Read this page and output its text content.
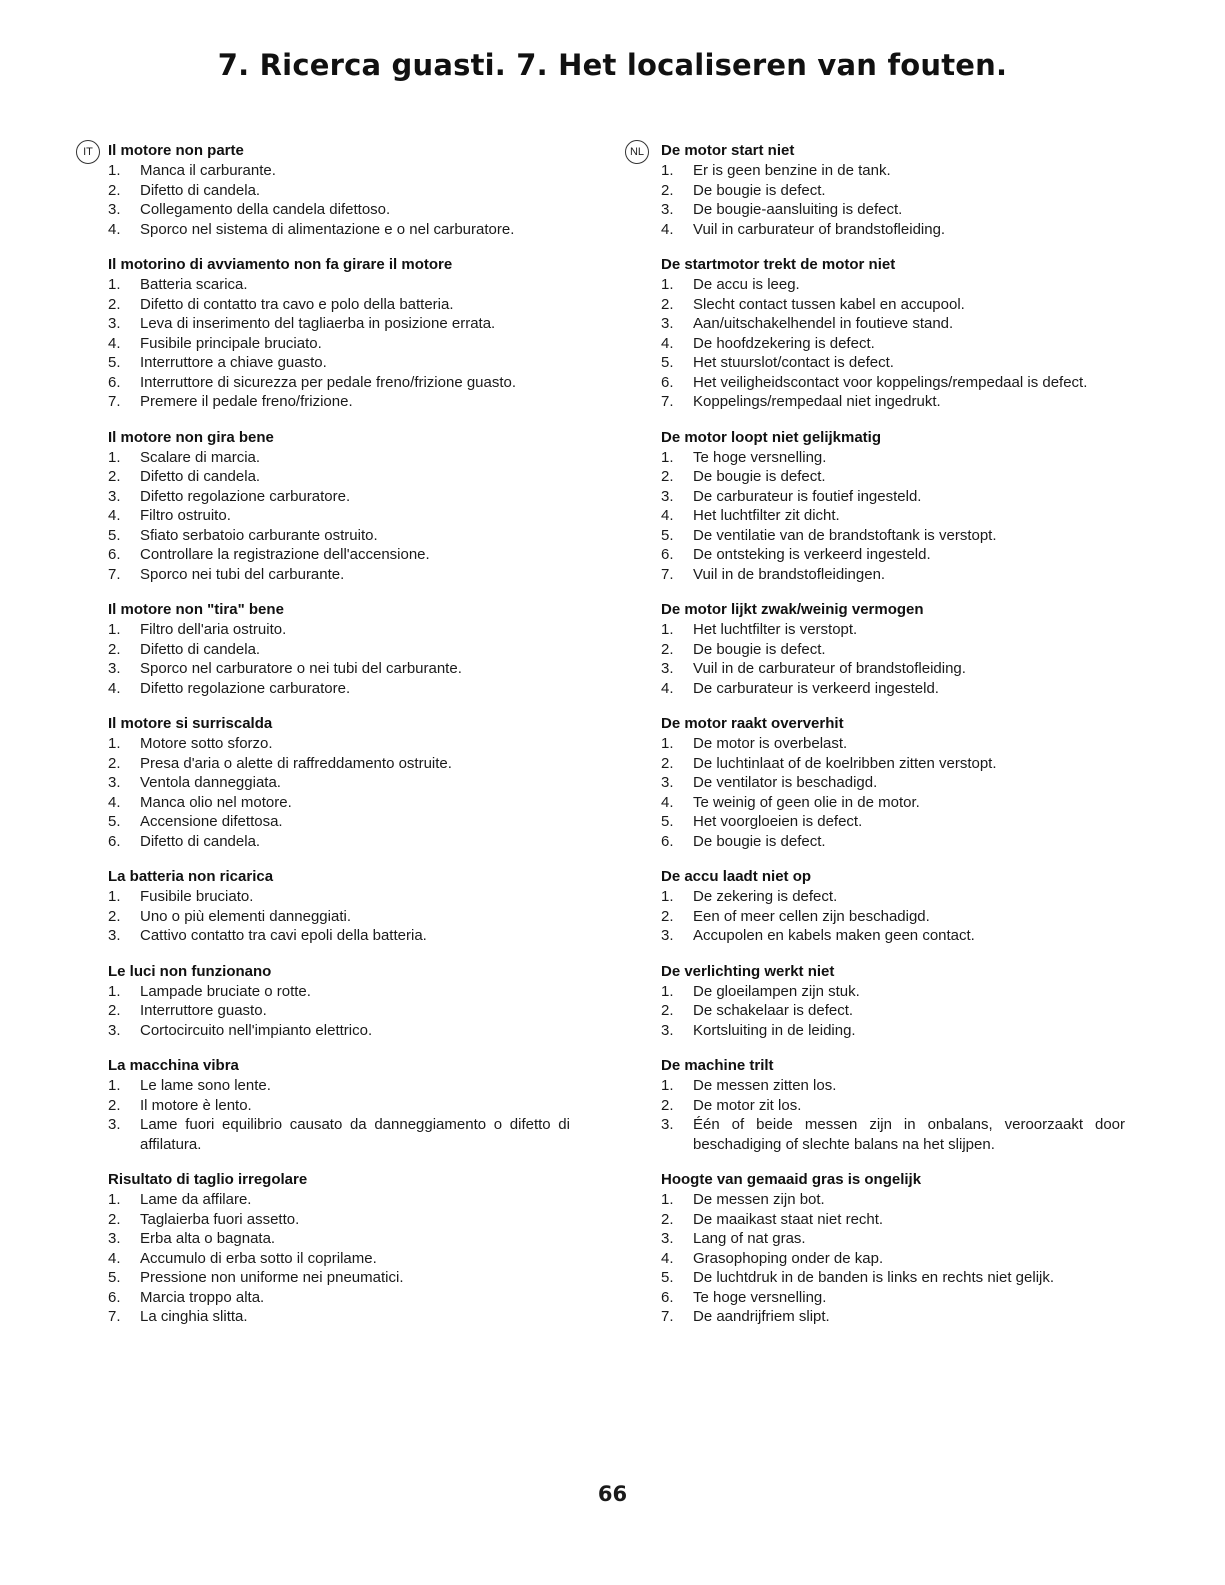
7. Ricerca guasti. 7. Het localiseren van fouten.
IT	Il motore non parte
1. Manca il carburante.
2. Difetto di candela.
3. Collegamento della candela difettoso.
4. Sporco nel sistema di alimentazione e o nel carburatore.
Il motorino di avviamento non fa girare il motore
1. Batteria scarica.
2. Difetto di contatto tra cavo e polo della batteria.
3. Leva di inserimento del tagliaerba in posizione errata.
4. Fusibile principale bruciato.
5. Interruttore a chiave guasto.
6. Interruttore di sicurezza per pedale freno/frizione guasto.
7. Premere il pedale freno/frizione.
Il motore non gira bene
1. Scalare di marcia.
2. Difetto di candela.
3. Difetto regolazione carburatore.
4. Filtro ostruito.
5. Sfiato serbatoio carburante ostruito.
6. Controllare la registrazione dell'accensione.
7. Sporco nei tubi del carburante.
Il motore non "tira" bene
1. Filtro dell'aria ostruito.
2. Difetto di candela.
3. Sporco nel carburatore o nei tubi del carburante.
4. Difetto regolazione carburatore.
Il motore si surriscalda
1. Motore sotto sforzo.
2. Presa d'aria o alette di raffreddamento ostruite.
3. Ventola danneggiata.
4. Manca olio nel motore.
5. Accensione difettosa.
6. Difetto di candela.
La batteria non ricarica
1. Fusibile bruciato.
2. Uno o più elementi danneggiati.
3. Cattivo contatto tra cavi epoli della batteria.
Le luci non funzionano
1. Lampade bruciate o rotte.
2. Interruttore guasto.
3. Cortocircuito nell'impianto elettrico.
La macchina vibra
1. Le lame sono lente.
2. Il motore è lento.
3. Lame fuori equilibrio causato da danneggiamento o difetto di affilatura.
Risultato di taglio irregolare
1. Lame da affilare.
2. Taglaierba fuori assetto.
3. Erba alta o bagnata.
4. Accumulo di erba sotto il coprilame.
5. Pressione non uniforme nei pneumatici.
6. Marcia troppo alta.
7. La cinghia slitta.
NL	De motor start niet
1. Er is geen benzine in de tank.
2. De bougie is defect.
3. De bougie-aansluiting is defect.
4. Vuil in carburateur of brandstofleiding.
De startmotor trekt de motor niet
1. De accu is leeg.
2. Slecht contact tussen kabel en accupool.
3. Aan/uitschakelhendel in foutieve stand.
4. De hoofdzekering is defect.
5. Het stuurslot/contact is defect.
6. Het veiligheidscontact voor koppelings/rempedaal is defect.
7. Koppelings/rempedaal niet ingedrukt.
De motor loopt niet gelijkmatig
1. Te hoge versnelling.
2. De bougie is defect.
3. De carburateur is foutief ingesteld.
4. Het luchtfilter zit dicht.
5. De ventilatie van de brandstoftank is verstopt.
6. De ontsteking is verkeerd ingesteld.
7. Vuil in de brandstofleidingen.
De motor lijkt zwak/weinig vermogen
1. Het luchtfilter is verstopt.
2. De bougie is defect.
3. Vuil in de carburateur of brandstofleiding.
4. De carburateur is verkeerd ingesteld.
De motor raakt oververhit
1. De motor is overbelast.
2. De luchtinlaat of de koelribben zitten verstopt.
3. De ventilator is beschadigd.
4. Te weinig of geen olie in de motor.
5. Het voorgloeien is defect.
6. De bougie is defect.
De accu laadt niet op
1. De zekering is defect.
2. Een of meer cellen zijn beschadigd.
3. Accupolen en kabels maken geen contact.
De verlichting werkt niet
1. De gloeilampen zijn stuk.
2. De schakelaar is defect.
3. Kortsluiting in de leiding.
De machine trilt
1. De messen zitten los.
2. De motor zit los.
3. Één of beide messen zijn in onbalans, veroorzaakt door beschadiging of slechte balans na het slijpen.
Hoogte van gemaaid gras is ongelijk
1. De messen zijn bot.
2. De maaikast staat niet recht.
3. Lang of nat gras.
4. Grasophoping onder de kap.
5. De luchtdruk in de banden is links en rechts niet gelijk.
6. Te hoge versnelling.
7. De aandrijfriem slipt.
66
